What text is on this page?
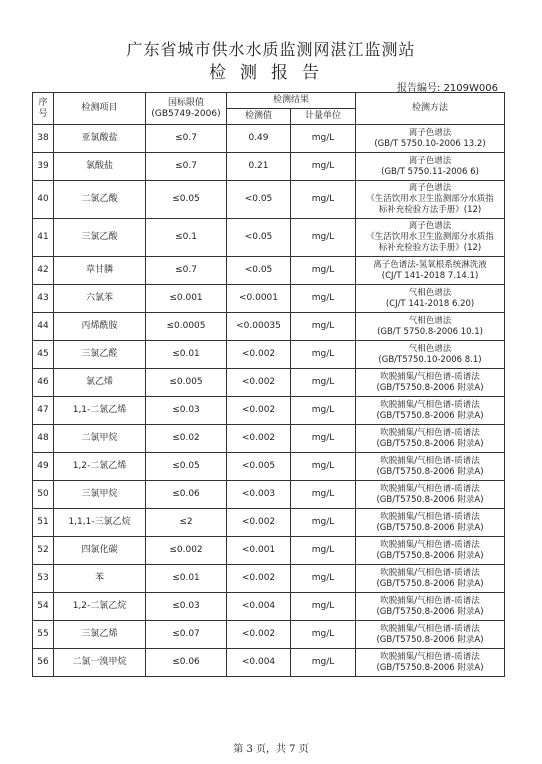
广东省城市供水水质监测网湛江监测站
检测报告
报告编号: 2109W006
序号	检测项目	国标限值
(GB5749-2006)	检测结果		检测方法
			检测值	计量单位	
38	亚氯酸盐	≤0.7	0.49	mg/L	离子色谱法
(GB/T 5750.10-2006 13.2)

39	氯酸盐	≤0.7	0.21	mg/L	离子色谱法
(GB/T 5750.11-2006 6)

40	二氯乙酸	≤0.05	<0.05	mg/L	离子色谱法
《生活饮用水卫生监测部分水质指
标补充检验方法手册》(12)

41	三氯乙酸	≤0.1	<0.05	mg/L	离子色谱法
《生活饮用水卫生监测部分水质指
标补充检验方法手册》(12)

42	草甘膦	≤0.7	<0.05	mg/L	离子色谱法-氢氧根系统淋洗液
(CJ/T 141-2018 7.14.1)

43	六氯苯	≤0.001	<0.0001	mg/L	气相色谱法
(CJ/T 141-2018 6.20)

44	丙烯酰胺	≤0.0005	<0.00035	mg/L	气相色谱法
(GB/T 5750.8-2006 10.1)

45	三氯乙醛	≤0.01	<0.002	mg/L	气相色谱法
(GB/T5750.10-2006 8.1)

46	氯乙烯	≤0.005	<0.002	mg/L	吹脱捕集/气相色谱-质谱法
(GB/T5750.8-2006 附录A)

47	1,1-二氯乙烯	≤0.03	<0.002	mg/L	吹脱捕集/气相色谱-质谱法
(GB/T5750.8-2006 附录A)

48	二氯甲烷	≤0.02	<0.002	mg/L	吹脱捕集/气相色谱-质谱法
(GB/T5750.8-2006 附录A)

49	1,2-二氯乙烯	≤0.05	<0.005	mg/L	吹脱捕集/气相色谱-质谱法
(GB/T5750.8-2006 附录A)

50	三氯甲烷	≤0.06	<0.003	mg/L	吹脱捕集/气相色谱-质谱法
(GB/T5750.8-2006 附录A)

51	1,1,1-三氯乙烷	≤2	<0.002	mg/L	吹脱捕集/气相色谱-质谱法
(GB/T5750.8-2006 附录A)

52	四氯化碳	≤0.002	<0.001	mg/L	吹脱捕集/气相色谱-质谱法
(GB/T5750.8-2006 附录A)

53	苯	≤0.01	<0.002	mg/L	吹脱捕集/气相色谱-质谱法
(GB/T5750.8-2006 附录A)

54	1,2-二氯乙烷	≤0.03	<0.004	mg/L	吹脱捕集/气相色谱-质谱法
(GB/T5750.8-2006 附录A)

55	三氯乙烯	≤0.07	<0.002	mg/L	吹脱捕集/气相色谱-质谱法
(GB/T5750.8-2006 附录A)

56	二氯一溴甲烷	≤0.06	<0.004	mg/L	吹脱捕集/气相色谱-质谱法
(GB/T5750.8-2006 附录A)
第 3 页，共 7 页
